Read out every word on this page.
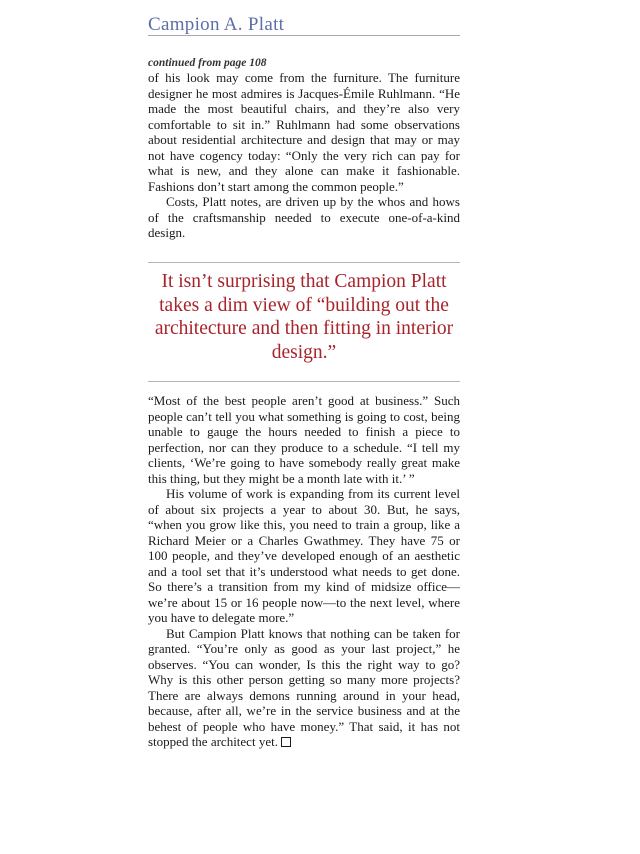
Campion A. Platt
continued from page 108

of his look may come from the furniture. The furniture designer he most admires is Jacques-Émile Ruhlmann. “He made the most beautiful chairs, and they’re also very comfortable to sit in.” Ruhlmann had some observations about residential architecture and design that may or may not have cogency today: “Only the very rich can pay for what is new, and they alone can make it fashionable. Fashions don’t start among the common people.”

Costs, Platt notes, are driven up by the whos and hows of the craftsmanship needed to execute one-of-a-kind design.

It isn’t surprising that Campion Platt takes a dim view of “building out the architecture and then fitting in interior design.”

“Most of the best people aren’t good at business.” Such people can’t tell you what something is going to cost, being unable to gauge the hours needed to finish a piece to perfection, nor can they produce to a schedule. “I tell my clients, ‘We’re going to have somebody really great make this thing, but they might be a month late with it.’ ”

His volume of work is expanding from its current level of about six projects a year to about 30. But, he says, “when you grow like this, you need to train a group, like a Richard Meier or a Charles Gwathmey. They have 75 or 100 people, and they’ve developed enough of an aesthetic and a tool set that it’s understood what needs to get done. So there’s a transition from my kind of midsize office—we’re about 15 or 16 people now—to the next level, where you have to delegate more.”

But Campion Platt knows that nothing can be taken for granted. “You’re only as good as your last project,” he observes. “You can wonder, Is this the right way to go? Why is this other person getting so many more projects? There are always demons running around in your head, because, after all, we’re in the service business and at the behest of people who have money.” That said, it has not stopped the architect yet.
